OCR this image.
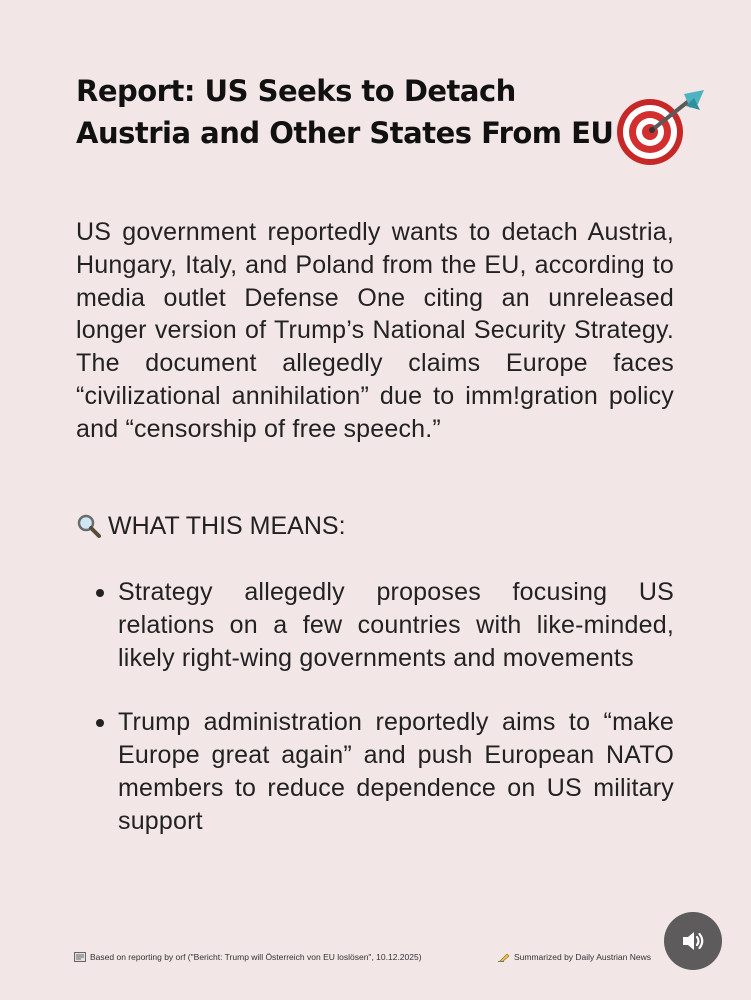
Report: US Seeks to Detach
Austria and Other States From EU

US government reportedly wants to detach Austria, Hungary, Italy, and Poland from the EU, according to media outlet Defense One citing an unreleased longer version of Trump’s National Security Strategy. The document allegedly claims Europe faces “civilizational annihilation” due to imm!gration policy and “censorship of free speech.”

WHAT THIS MEANS:
Strategy allegedly proposes focusing US relations on a few countries with like-minded, likely right-wing governments and movements
Trump administration reportedly aims to “make Europe great again” and push European NATO members to reduce dependence on US military support
Based on reporting by orf ("Bericht: Trump will Österreich von EU loslösen", 10.12.2025)	Summarized by Daily Austrian News
